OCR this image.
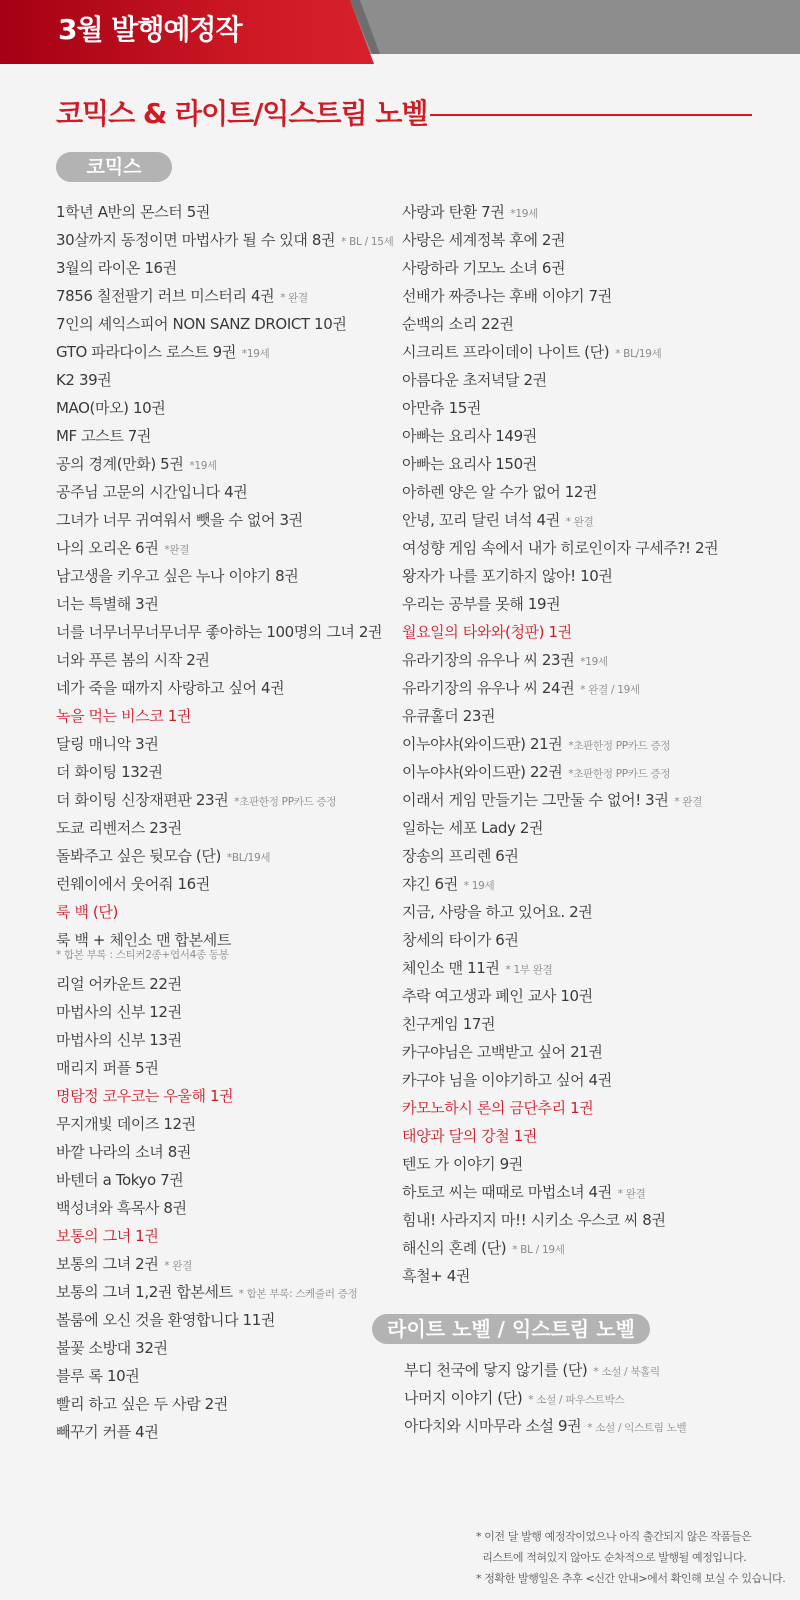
3월 발행예정작
코믹스 & 라이트/익스트림 노벨
코믹스
1학년 A반의 몬스터 5권
30살까지 동정이면 마법사가 될 수 있대 8권 * BL / 15세
3월의 라이온 16권
7856 칠전팔기 러브 미스터리 4권 * 완결
7인의 셰익스피어 NON SANZ DROICT 10권
GTO 파라다이스 로스트 9권 *19세
K2 39권
MAO(마오) 10권
MF 고스트 7권
공의 경계(만화) 5권 *19세
공주님 고문의 시간입니다 4권
그녀가 너무 귀여워서 뺏을 수 없어 3권
나의 오리온 6권 *완결
남고생을 키우고 싶은 누나 이야기 8권
너는 특별해 3권
너를 너무너무너무너무 좋아하는 100명의 그녀 2권
너와 푸른 봄의 시작 2권
네가 죽을 때까지 사랑하고 싶어 4권
녹을 먹는 비스코 1권
달링 매니악 3권
더 화이팅 132권
더 화이팅 신장재편판 23권 *초판한정 PP카드 증정
도쿄 리벤저스 23권
돌봐주고 싶은 뒷모습 (단) *BL/19세
런웨이에서 웃어줘 16권
룩 백 (단)
룩 백 + 체인소 맨 합본세트
* 합본 부록 : 스티커2종+엽서4종 동봉
리얼 어카운트 22권
마법사의 신부 12권
마법사의 신부 13권
매리지 퍼플 5권
명탐정 코우코는 우울해 1권
무지개빛 데이즈 12권
바깥 나라의 소녀 8권
바텐더 a Tokyo 7권
백성녀와 흑목사 8권
보통의 그녀 1권
보통의 그녀 2권 * 완결
보통의 그녀 1,2권 합본세트 * 합본 부록: 스케줄러 증정
볼룸에 오신 것을 환영합니다 11권
불꽃 소방대 32권
블루 록 10권
빨리 하고 싶은 두 사람 2권
빼꾸기 커플 4권
사랑과 탄환 7권 *19세
사랑은 세계정복 후에 2권
사랑하라 기모노 소녀 6권
선배가 짜증나는 후배 이야기 7권
순백의 소리 22권
시크리트 프라이데이 나이트 (단) * BL/19세
아름다운 초저녁달 2권
아만츄 15권
아빠는 요리사 149권
아빠는 요리사 150권
아하렌 양은 알 수가 없어 12권
안녕, 꼬리 달린 녀석 4권 * 완결
여성향 게임 속에서 내가 히로인이자 구세주?! 2권
왕자가 나를 포기하지 않아! 10권
우리는 공부를 못해 19권
월요일의 타와와(청판) 1권
유라기장의 유우나 씨 23권 *19세
유라기장의 유우나 씨 24권 * 완결 / 19세
유큐홀더 23권
이누야샤(와이드판) 21권 *초판한정 PP카드 증정
이누야샤(와이드판) 22권 *초판한정 PP카드 증정
이래서 게임 만들기는 그만둘 수 없어! 3권 * 완결
일하는 세포 Lady 2권
장송의 프리렌 6권
쟈긴 6권 * 19세
지금, 사랑을 하고 있어요. 2권
창세의 타이가 6권
체인소 맨 11권 * 1부 완결
추락 여고생과 폐인 교사 10권
친구게임 17권
카구야님은 고백받고 싶어 21권
카구야 님을 이야기하고 싶어 4권
카모노하시 론의 금단추리 1권
태양과 달의 강철 1권
텐도 가 이야기 9권
하토코 씨는 때때로 마법소녀 4권 * 완결
힘내! 사라지지 마!! 시키소 우스코 씨 8권
해신의 혼례 (단) * BL / 19세
흑철+ 4권
라이트 노벨 / 익스트림 노벨
부디 천국에 닿지 않기를 (단) * 소설 / 북홀릭
나머지 이야기 (단) * 소설 / 파우스트박스
아다치와 시마무라 소설 9권 * 소설 / 익스트림 노벨
* 이전 달 발행 예정작이었으나 아직 출간되지 않은 작품들은
리스트에 적혀있지 않아도 순차적으로 발행될 예정입니다.
* 정확한 발행일은 추후 <신간 안내>에서 확인해 보실 수 있습니다.
